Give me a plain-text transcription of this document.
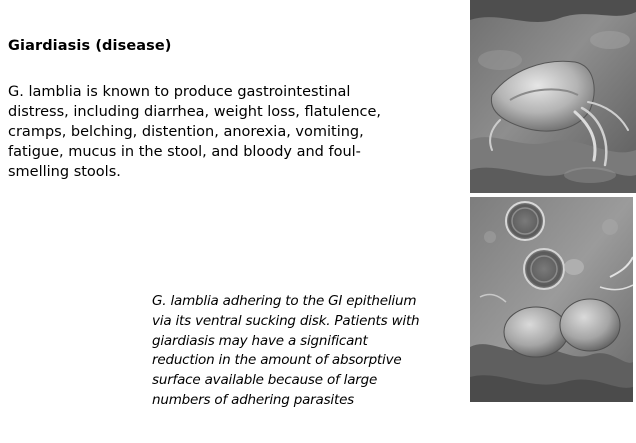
Giardiasis (disease)

G. lamblia is known to produce gastrointestinal distress, including diarrhea, weight loss, flatulence, cramps, belching, distention, anorexia, vomiting, fatigue, mucus in the stool, and bloody and foul-smelling stools.

G. lamblia adhering to the GI epithelium via its ventral sucking disk. Patients with giardiasis may have a significant reduction in the amount of absorptive surface available because of large numbers of adhering parasites
